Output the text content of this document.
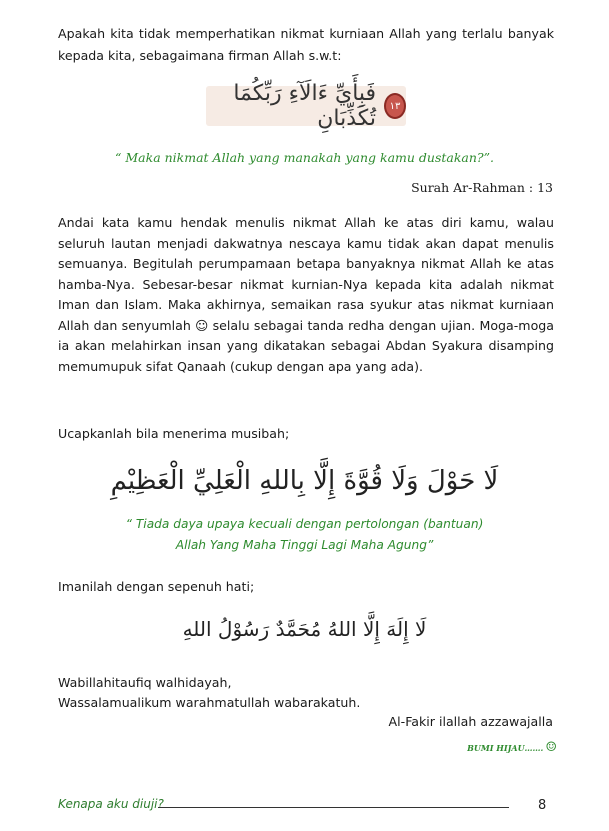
Apakah kita tidak memperhatikan nikmat kurniaan Allah yang terlalu banyak kepada kita, sebagaimana firman Allah s.w.t:

١٣
فَبِأَيِّ ءَالَآءِ رَبِّكُمَا تُكَذِّبَانِ
“ Maka nikmat Allah yang manakah yang kamu dustakan?”.
Surah Ar-Rahman : 13

Andai kata kamu hendak menulis nikmat Allah ke atas diri kamu, walau seluruh lautan menjadi dakwatnya nescaya kamu tidak akan dapat menulis semuanya. Begitulah perumpamaan betapa banyaknya nikmat Allah ke atas hamba-Nya. Sebesar-besar nikmat kurnian-Nya kepada kita adalah nikmat Iman dan Islam. Maka akhirnya, semaikan rasa syukur atas nikmat kurniaan Allah dan senyumlah ☺ selalu sebagai tanda redha dengan ujian. Moga-moga ia akan melahirkan insan yang dikatakan sebagai Abdan Syakura disamping memumupuk sifat Qanaah (cukup dengan apa yang ada).

Ucapkanlah bila menerima musibah;
لَا حَوْلَ وَلَا قُوَّةَ إِلَّا بِاللهِ الْعَلِيِّ الْعَظِيْمِ
“ Tiada daya upaya kecuali dengan pertolongan (bantuan)
Allah Yang Maha Tinggi Lagi Maha Agung”
Imanilah dengan sepenuh hati;
لَا إِلَهَ إِلَّا اللهُ مُحَمَّدٌ رَسُوْلُ اللهِ
Wabillahitaufiq walhidayah,
Wassalamualikum warahmatullah wabarakatuh.
Al-Fakir ilallah azzawajalla
BUMI HIJAU……. ☺
Kenapa aku diuji?	8
